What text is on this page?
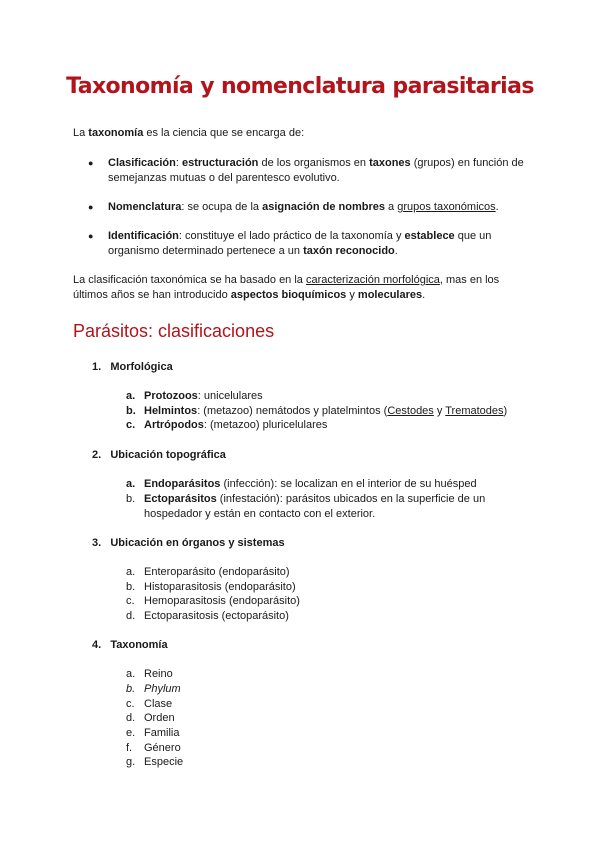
Taxonomía y nomenclatura parasitarias
La taxonomía es la ciencia que se encarga de:
● Clasificación: estructuración de los organismos en taxones (grupos) en función de semejanzas mutuas o del parentesco evolutivo.
● Nomenclatura: se ocupa de la asignación de nombres a grupos taxonómicos.
● Identificación: constituye el lado práctico de la taxonomía y establece que un organismo determinado pertenece a un taxón reconocido.
La clasificación taxonómica se ha basado en la caracterización morfológica, mas en los últimos años se han introducido aspectos bioquímicos y moleculares.
Parásitos: clasificaciones
1. Morfológica
a. Protozoos: unicelulares
b. Helmintos: (metazoo) nemátodos y platelmintos (Cestodes y Trematodes)
c. Artrópodos: (metazoo) pluricelulares
2. Ubicación topográfica
a. Endoparásitos (infección): se localizan en el interior de su huésped
b. Ectoparásitos (infestación): parásitos ubicados en la superficie de un hospedador y están en contacto con el exterior.
3. Ubicación en órganos y sistemas
a. Enteroparásito (endoparásito)
b. Histoparasitosis (endoparásito)
c. Hemoparasitosis (endoparásito)
d. Ectoparasitosis (ectoparásito)
4. Taxonomía
a. Reino
b. Phylum
c. Clase
d. Orden
e. Familia
f.	Género
g. Especie
